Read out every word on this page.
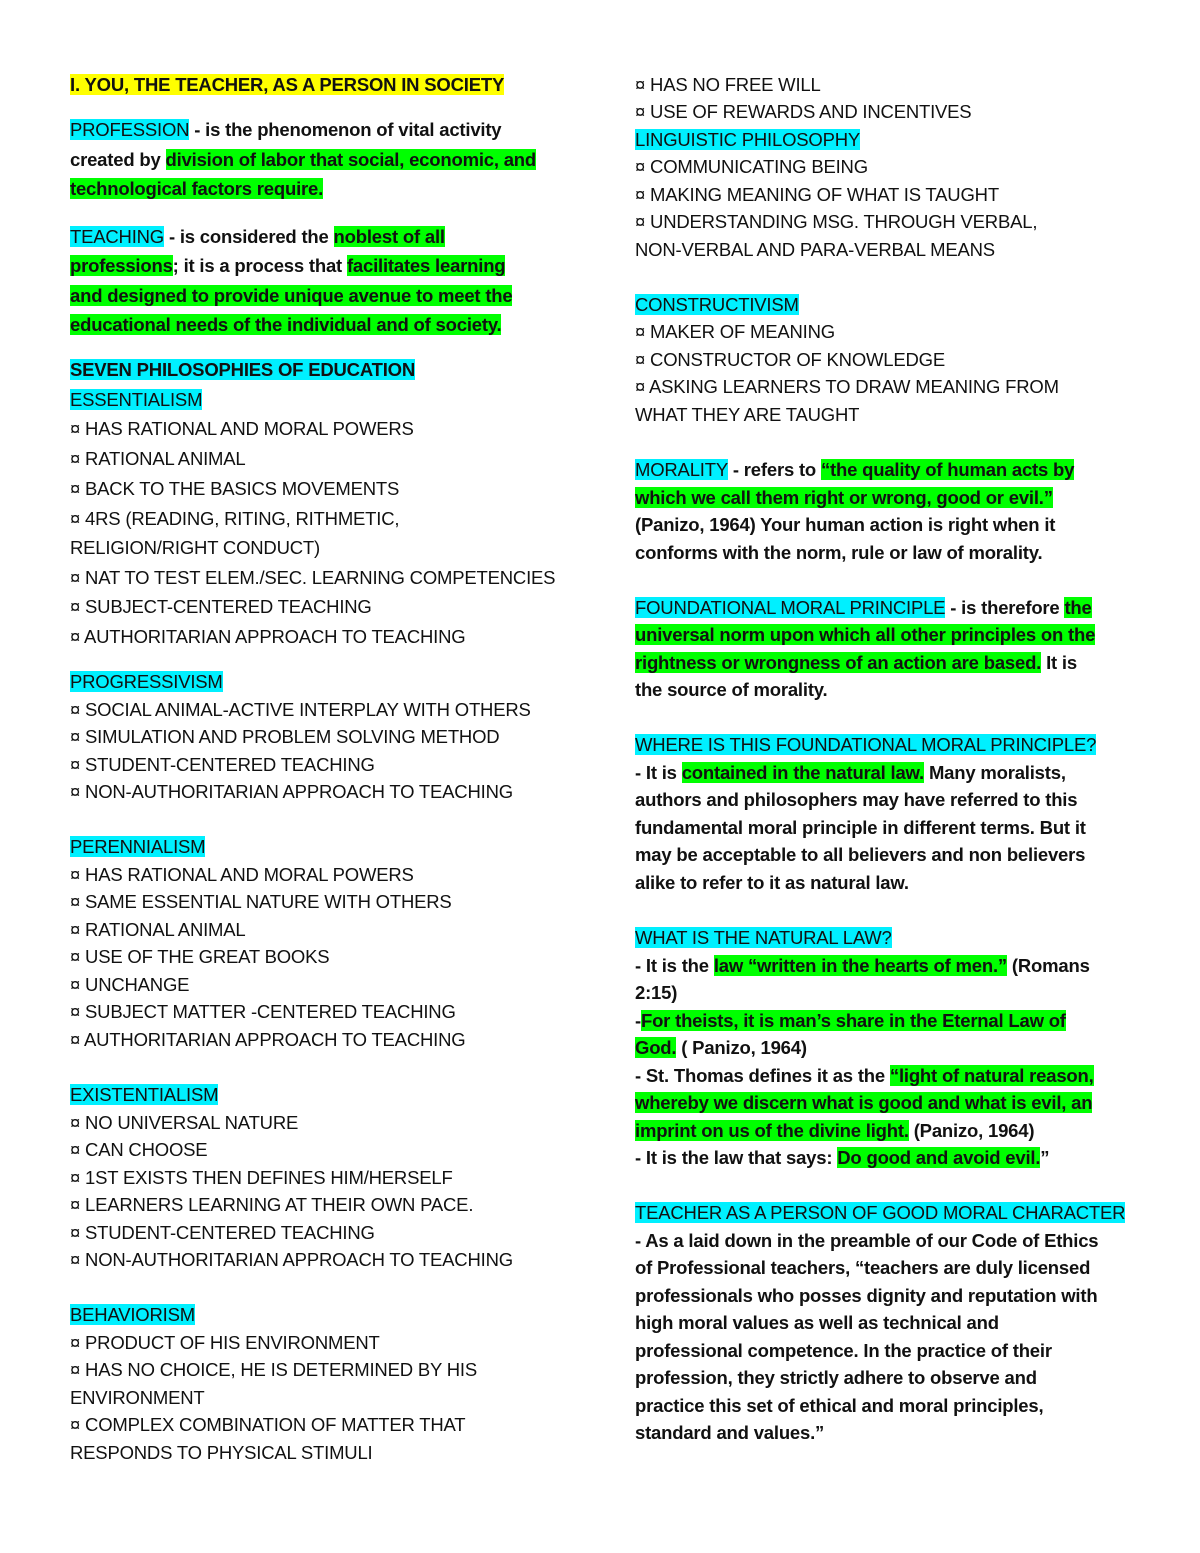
I. YOU, THE TEACHER, AS A PERSON IN SOCIETY
PROFESSION - is the phenomenon of vital activity
created by division of labor that social, economic, and
technological factors require.
TEACHING - is considered the noblest of all
professions; it is a process that facilitates learning
and designed to provide unique avenue to meet the
educational needs of the individual and of society.
SEVEN PHILOSOPHIES OF EDUCATION
ESSENTIALISM
¤ HAS RATIONAL AND MORAL POWERS
¤ RATIONAL ANIMAL
¤ BACK TO THE BASICS MOVEMENTS
¤ 4RS (READING, RITING, RITHMETIC,
RELIGION/RIGHT CONDUCT)
¤ NAT TO TEST ELEM./SEC. LEARNING COMPETENCIES
¤ SUBJECT-CENTERED TEACHING
¤ AUTHORITARIAN APPROACH TO TEACHING
PROGRESSIVISM
¤ SOCIAL ANIMAL-ACTIVE INTERPLAY WITH OTHERS
¤ SIMULATION AND PROBLEM SOLVING METHOD
¤ STUDENT-CENTERED TEACHING
¤ NON-AUTHORITARIAN APPROACH TO TEACHING
PERENNIALISM
¤ HAS RATIONAL AND MORAL POWERS
¤ SAME ESSENTIAL NATURE WITH OTHERS
¤ RATIONAL ANIMAL
¤ USE OF THE GREAT BOOKS
¤ UNCHANGE
¤ SUBJECT MATTER -CENTERED TEACHING
¤ AUTHORITARIAN APPROACH TO TEACHING
EXISTENTIALISM
¤ NO UNIVERSAL NATURE
¤ CAN CHOOSE
¤ 1ST EXISTS THEN DEFINES HIM/HERSELF
¤ LEARNERS LEARNING AT THEIR OWN PACE.
¤ STUDENT-CENTERED TEACHING
¤ NON-AUTHORITARIAN APPROACH TO TEACHING
BEHAVIORISM
¤ PRODUCT OF HIS ENVIRONMENT
¤ HAS NO CHOICE, HE IS DETERMINED BY HIS
ENVIRONMENT
¤ COMPLEX COMBINATION OF MATTER THAT
RESPONDS TO PHYSICAL STIMULI
¤ HAS NO FREE WILL
¤ USE OF REWARDS AND INCENTIVES
LINGUISTIC PHILOSOPHY
¤ COMMUNICATING BEING
¤ MAKING MEANING OF WHAT IS TAUGHT
¤ UNDERSTANDING MSG. THROUGH VERBAL,
NON-VERBAL AND PARA-VERBAL MEANS
CONSTRUCTIVISM
¤ MAKER OF MEANING
¤ CONSTRUCTOR OF KNOWLEDGE
¤ ASKING LEARNERS TO DRAW MEANING FROM
WHAT THEY ARE TAUGHT
MORALITY - refers to “the quality of human acts by
which we call them right or wrong, good or evil.”
(Panizo, 1964) Your human action is right when it
conforms with the norm, rule or law of morality.
FOUNDATIONAL MORAL PRINCIPLE - is therefore the
universal norm upon which all other principles on the
rightness or wrongness of an action are based. It is
the source of morality.
WHERE IS THIS FOUNDATIONAL MORAL PRINCIPLE?
- It is contained in the natural law. Many moralists,
authors and philosophers may have referred to this
fundamental moral principle in different terms. But it
may be acceptable to all believers and non believers
alike to refer to it as natural law.
WHAT IS THE NATURAL LAW?
- It is the law “written in the hearts of men.” (Romans
2:15)
-For theists, it is man’s share in the Eternal Law of
God. ( Panizo, 1964)
- St. Thomas defines it as the “light of natural reason,
whereby we discern what is good and what is evil, an
imprint on us of the divine light. (Panizo, 1964)
- It is the law that says: Do good and avoid evil.”
TEACHER AS A PERSON OF GOOD MORAL CHARACTER
- As a laid down in the preamble of our Code of Ethics
of Professional teachers, “teachers are duly licensed
professionals who posses dignity and reputation with
high moral values as well as technical and
professional competence. In the practice of their
profession, they strictly adhere to observe and
practice this set of ethical and moral principles,
standard and values.”
